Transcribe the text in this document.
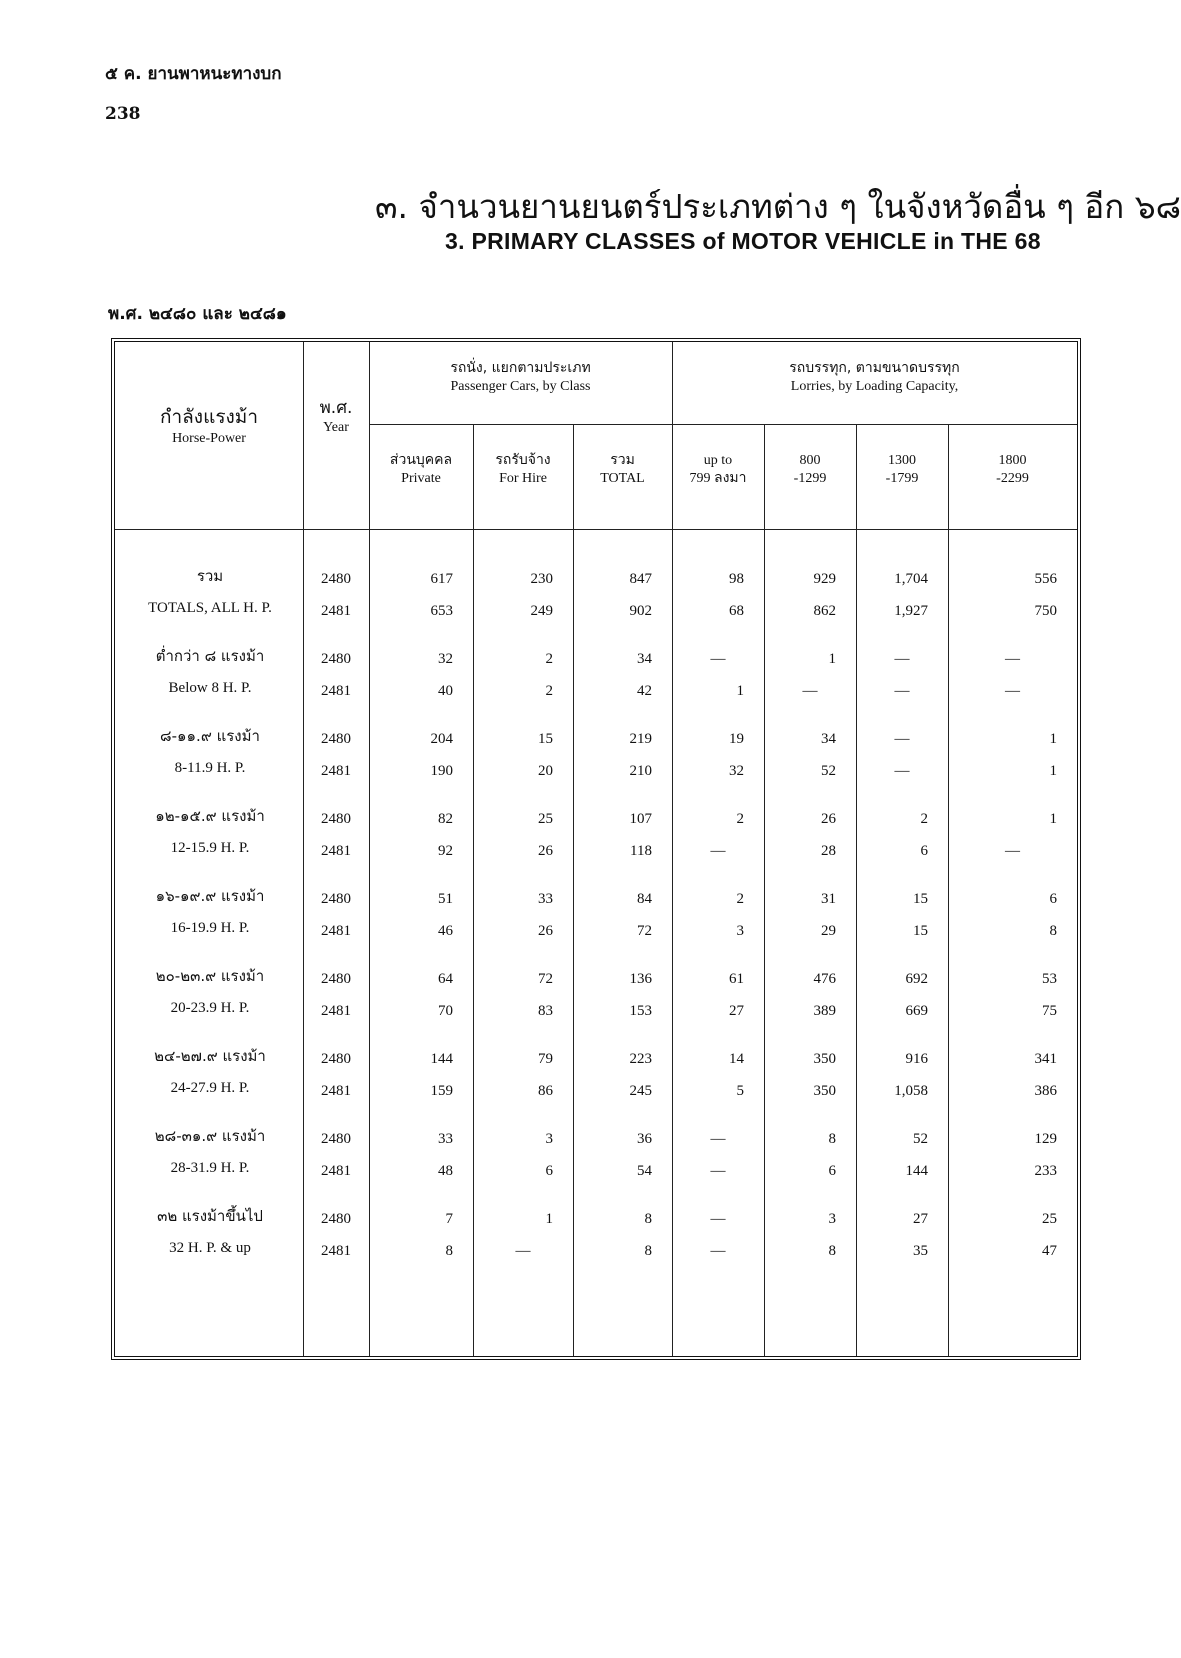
๕ ค. ยานพาหนะทางบก
238
๓. จำนวนยานยนตร์ประเภทต่าง ๆ ในจังหวัดอื่น ๆ อีก ๖๘
3. PRIMARY CLASSES of MOTOR VEHICLE in THE 68
พ.ศ. ๒๔๘๐ และ ๒๔๘๑
กำลังแรงม้า
Horse-Power
พ.ศ.
Year
รถนั่ง, แยกตามประเภท
Passenger Cars, by Class
รถบรรทุก, ตามขนาดบรรทุก
Lorries, by Loading Capacity,
ส่วนบุคคล
Private
รถรับจ้าง
For Hire
รวม
TOTAL
up to
799 ลงมา
800
-1299
1300
-1799
1800
-2299
รวม
TOTALS, ALL H. P.
2480	617	230	847	98	929	1,704	556
2481	653	249	902	68	862	1,927	750
ต่ำกว่า ๘ แรงม้า
Below 8 H. P.
2480	32	2	34	—	1	—	—
2481	40	2	42	1	—	—	—
๘-๑๑.๙ แรงม้า
8-11.9 H. P.
2480	204	15	219	19	34	—	1
2481	190	20	210	32	52	—	1
๑๒-๑๕.๙ แรงม้า
12-15.9 H. P.
2480	82	25	107	2	26	2	1
2481	92	26	118	—	28	6	—
๑๖-๑๙.๙ แรงม้า
16-19.9 H. P.
2480	51	33	84	2	31	15	6
2481	46	26	72	3	29	15	8
๒๐-๒๓.๙ แรงม้า
20-23.9 H. P.
2480	64	72	136	61	476	692	53
2481	70	83	153	27	389	669	75
๒๔-๒๗.๙ แรงม้า
24-27.9 H. P.
2480	144	79	223	14	350	916	341
2481	159	86	245	5	350	1,058	386
๒๘-๓๑.๙ แรงม้า
28-31.9 H. P.
2480	33	3	36	—	8	52	129
2481	48	6	54	—	6	144	233
๓๒ แรงม้าขึ้นไป
32 H. P. & up
2480	7	1	8	—	3	27	25
2481	8	—	8	—	8	35	47
